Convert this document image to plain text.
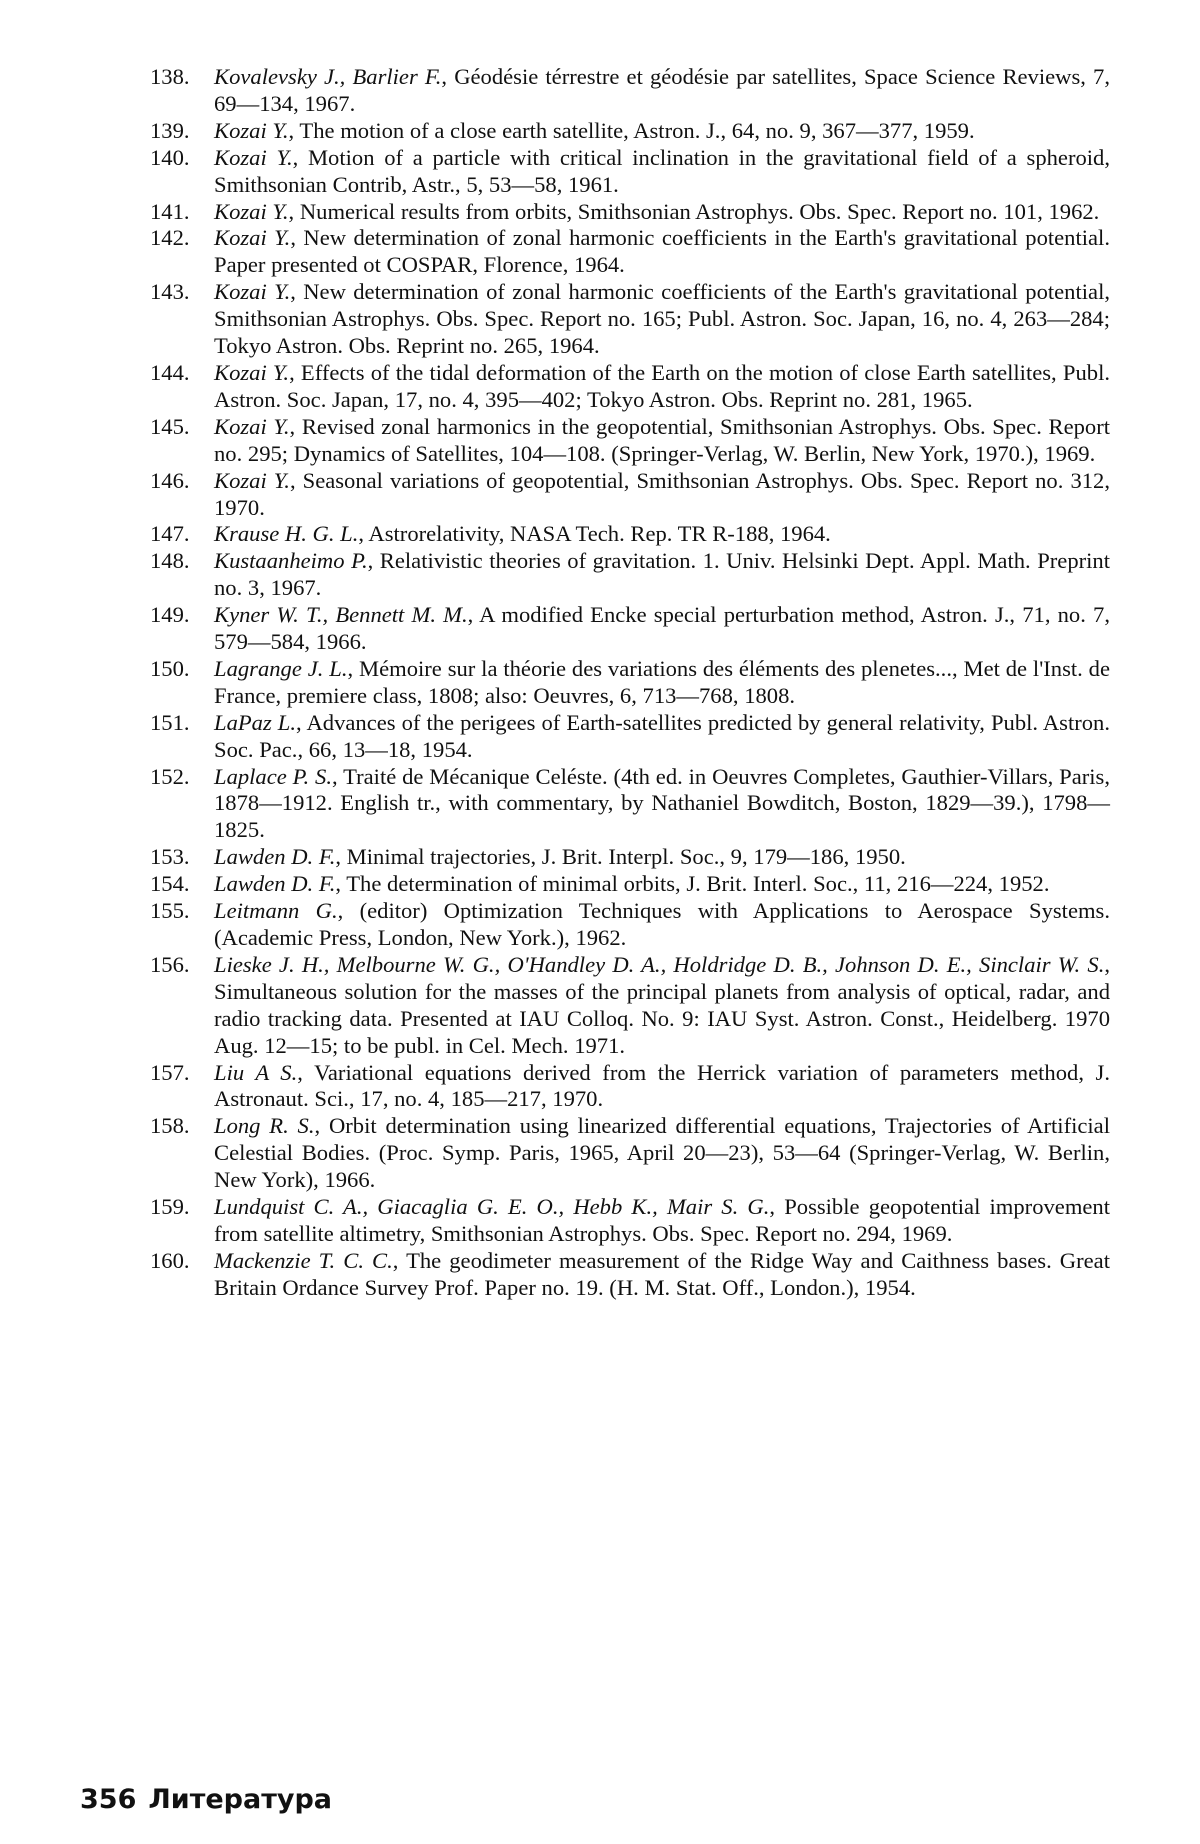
138. Kovalevsky J., Barlier F., Géodésie térrestre et géodésie par satellites, Space Science Reviews, 7, 69—134, 1967.
139. Kozai Y., The motion of a close earth satellite, Astron. J., 64, no. 9, 367—377, 1959.
140. Kozai Y., Motion of a particle with critical inclination in the gravitational field of a spheroid, Smithsonian Contrib, Astr., 5, 53—58, 1961.
141. Kozai Y., Numerical results from orbits, Smithsonian Astrophys. Obs. Spec. Report no. 101, 1962.
142. Kozai Y., New determination of zonal harmonic coefficients in the Earth's gravitational potential. Paper presented ot COSPAR, Florence, 1964.
143. Kozai Y., New determination of zonal harmonic coefficients of the Earth's gravitational potential, Smithsonian Astrophys. Obs. Spec. Report no. 165; Publ. Astron. Soc. Japan, 16, no. 4, 263—284; Tokyo Astron. Obs. Reprint no. 265, 1964.
144. Kozai Y., Effects of the tidal deformation of the Earth on the motion of close Earth satellites, Publ. Astron. Soc. Japan, 17, no. 4, 395—402; Tokyo Astron. Obs. Reprint no. 281, 1965.
145. Kozai Y., Revised zonal harmonics in the geopotential, Smithsonian Astrophys. Obs. Spec. Report no. 295; Dynamics of Satellites, 104—108. (Springer-Verlag, W. Berlin, New York, 1970.), 1969.
146. Kozai Y., Seasonal variations of geopotential, Smithsonian Astrophys. Obs. Spec. Report no. 312, 1970.
147. Krause H. G. L., Astrorelativity, NASA Tech. Rep. TR R-188, 1964.
148. Kustaanheimo P., Relativistic theories of gravitation. 1. Univ. Helsinki Dept. Appl. Math. Preprint no. 3, 1967.
149. Kyner W. T., Bennett M. M., A modified Encke special perturbation method, Astron. J., 71, no. 7, 579—584, 1966.
150. Lagrange J. L., Mémoire sur la théorie des variations des éléments des plenetes..., Met de l'Inst. de France, premiere class, 1808; also: Oeuvres, 6, 713—768, 1808.
151. LaPaz L., Advances of the perigees of Earth-satellites predicted by general relativity, Publ. Astron. Soc. Pac., 66, 13—18, 1954.
152. Laplace P. S., Traité de Mécanique Celéste. (4th ed. in Oeuvres Completes, Gauthier-Villars, Paris, 1878—1912. English tr., with commentary, by Nathaniel Bowditch, Boston, 1829—39.), 1798—1825.
153. Lawden D. F., Minimal trajectories, J. Brit. Interpl. Soc., 9, 179—186, 1950.
154. Lawden D. F., The determination of minimal orbits, J. Brit. Interl. Soc., 11, 216—224, 1952.
155. Leitmann G., (editor) Optimization Techniques with Applications to Aerospace Systems. (Academic Press, London, New York.), 1962.
156. Lieske J. H., Melbourne W. G., O'Handley D. A., Holdridge D. B., Johnson D. E., Sinclair W. S., Simultaneous solution for the masses of the principal planets from analysis of optical, radar, and radio tracking data. Presented at IAU Colloq. No. 9: IAU Syst. Astron. Const., Heidelberg. 1970 Aug. 12—15; to be publ. in Cel. Mech. 1971.
157. Liu A S., Variational equations derived from the Herrick variation of parameters method, J. Astronaut. Sci., 17, no. 4, 185—217, 1970.
158. Long R. S., Orbit determination using linearized differential equations, Trajectories of Artificial Celestial Bodies. (Proc. Symp. Paris, 1965, April 20—23), 53—64 (Springer-Verlag, W. Berlin, New York), 1966.
159. Lundquist C. A., Giacaglia G. E. O., Hebb K., Mair S. G., Possible geopotential improvement from satellite altimetry, Smithsonian Astrophys. Obs. Spec. Report no. 294, 1969.
160. Mackenzie T. C. C., The geodimeter measurement of the Ridge Way and Caithness bases. Great Britain Ordance Survey Prof. Paper no. 19. (H. M. Stat. Off., London.), 1954.
356 Литература
